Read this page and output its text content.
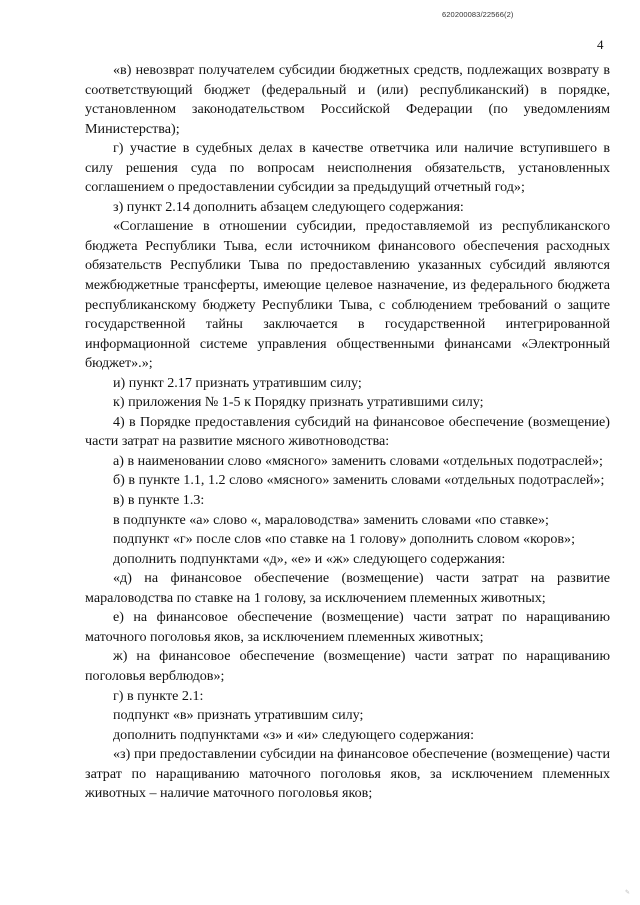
620200083/22566(2)
4

«в) невозврат получателем субсидии бюджетных средств, подлежащих возврату в соответствующий бюджет (федеральный и (или) республиканский) в порядке, установленном законодательством Российской Федерации (по уведомлениям Министерства);

г) участие в судебных делах в качестве ответчика или наличие вступившего в силу решения суда по вопросам неисполнения обязательств, установленных соглашением о предоставлении субсидии за предыдущий отчетный год»;

з) пункт 2.14 дополнить абзацем следующего содержания:

«Соглашение в отношении субсидии, предоставляемой из республиканского бюджета Республики Тыва, если источником финансового обеспечения расходных обязательств Республики Тыва по предоставлению указанных субсидий являются межбюджетные трансферты, имеющие целевое назначение, из федерального бюджета республиканскому бюджету Республики Тыва, с соблюдением требований о защите государственной тайны заключается в государственной интегрированной информационной системе управления общественными финансами «Электронный бюджет».»;

и) пункт 2.17 признать утратившим силу;

к) приложения № 1-5 к Порядку признать утратившими силу;

4) в Порядке предоставления субсидий на финансовое обеспечение (возмещение) части затрат на развитие мясного животноводства:

а) в наименовании слово «мясного» заменить словами «отдельных подотраслей»;

б) в пункте 1.1, 1.2 слово «мясного» заменить словами «отдельных подотраслей»;

в) в пункте 1.3:

в подпункте «а» слово «, мараловодства» заменить словами «по ставке»;

подпункт «г» после слов «по ставке на 1 голову» дополнить словом «коров»;

дополнить подпунктами «д», «е» и «ж» следующего содержания:

«д) на финансовое обеспечение (возмещение) части затрат на развитие мараловодства по ставке на 1 голову, за исключением племенных животных;

е) на финансовое обеспечение (возмещение) части затрат по наращиванию маточного поголовья яков, за исключением племенных животных;

ж) на финансовое обеспечение (возмещение) части затрат по наращиванию поголовья верблюдов»;

г) в пункте 2.1:

подпункт «в» признать утратившим силу;

дополнить подпунктами «з» и «и» следующего содержания:

«з) при предоставлении субсидии на финансовое обеспечение (возмещение) части затрат по наращиванию маточного поголовья яков, за исключением племенных животных – наличие маточного поголовья яков;

✎
